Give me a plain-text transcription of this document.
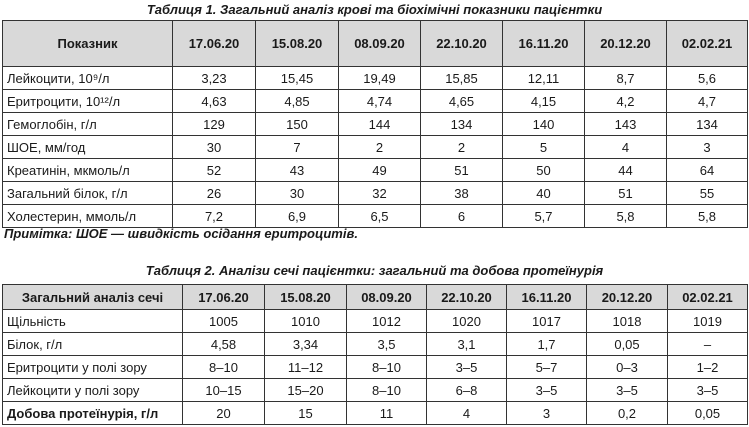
Таблиця 1. Загальний аналіз крові та біохімічні показники пацієнтки
Показник	17.06.20	15.08.20	08.09.20	22.10.20	16.11.20	20.12.20	02.02.21
Лейкоцити, 10⁹/л	3,23	15,45	19,49	15,85	12,11	8,7	5,6
Еритроцити, 10¹²/л	4,63	4,85	4,74	4,65	4,15	4,2	4,7
Гемоглобін, г/л	129	150	144	134	140	143	134
ШОЕ, мм/год	30	7	2	2	5	4	3
Креатинін, мкмоль/л	52	43	49	51	50	44	64
Загальний білок, г/л	26	30	32	38	40	51	55
Холестерин, ммоль/л	7,2	6,9	6,5	6	5,7	5,8	5,8
Примітка: ШОЕ — швидкість осідання еритроцитів.
Таблиця 2. Аналізи сечі пацієнтки: загальний та добова протеїнурія
Загальний аналіз сечі	17.06.20	15.08.20	08.09.20	22.10.20	16.11.20	20.12.20	02.02.21
Щільність	1005	1010	1012	1020	1017	1018	1019
Білок, г/л	4,58	3,34	3,5	3,1	1,7	0,05	–
Еритроцити у полі зору	8–10	11–12	8–10	3–5	5–7	0–3	1–2
Лейкоцити у полі зору	10–15	15–20	8–10	6–8	3–5	3–5	3–5
Добова протеїнурія, г/л	20	15	11	4	3	0,2	0,05
